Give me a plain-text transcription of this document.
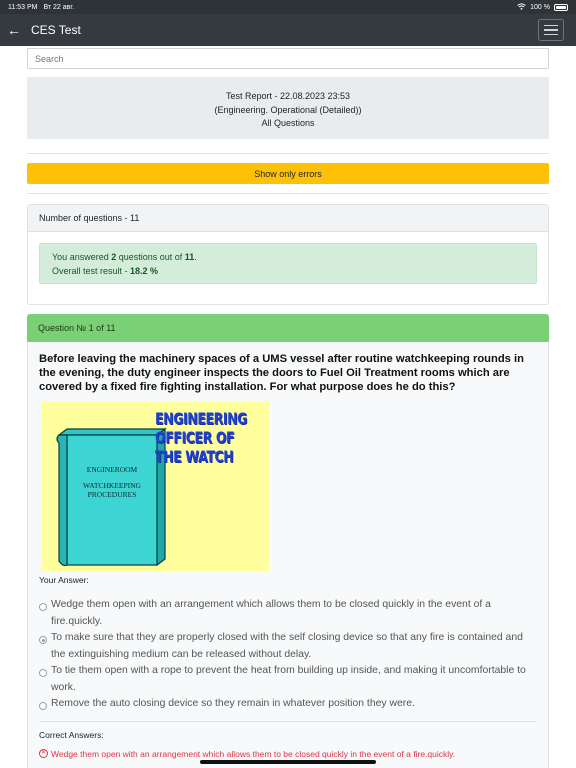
11:53 PM Вт 22 авг.	100 %
← CES Test
Search
Test Report - 22.08.2023 23:53
(Engineering. Operational (Detailed))
All Questions
Show only errors
Number of questions - 11
You answered 2 questions out of 11.
Overall test result - 18.2 %
Question № 1 of 11
Before leaving the machinery spaces of a UMS vessel after routine watchkeeping rounds in the evening, the duty engineer inspects the doors to Fuel Oil Treatment rooms which are covered by a fixed fire fighting installation. For what purpose does he do this?
ENGINEERING
OFFICER OF
THE WATCH
ENGINEROOM
WATCHKEEPING
PROCEDURES
Your Answer:
Wedge them open with an arrangement which allows them to be closed quickly in the event of a fire.quickly.
To make sure that they are properly closed with the self closing device so that any fire is contained and the extinguishing medium can be released without delay.
To tie them open with a rope to prevent the heat from building up inside, and making it uncomfortable to work.
Remove the auto closing device so they remain in whatever position they were.
Correct Answers:
✕ Wedge them open with an arrangement which allows them to be closed quickly in the event of a fire.quickly.
